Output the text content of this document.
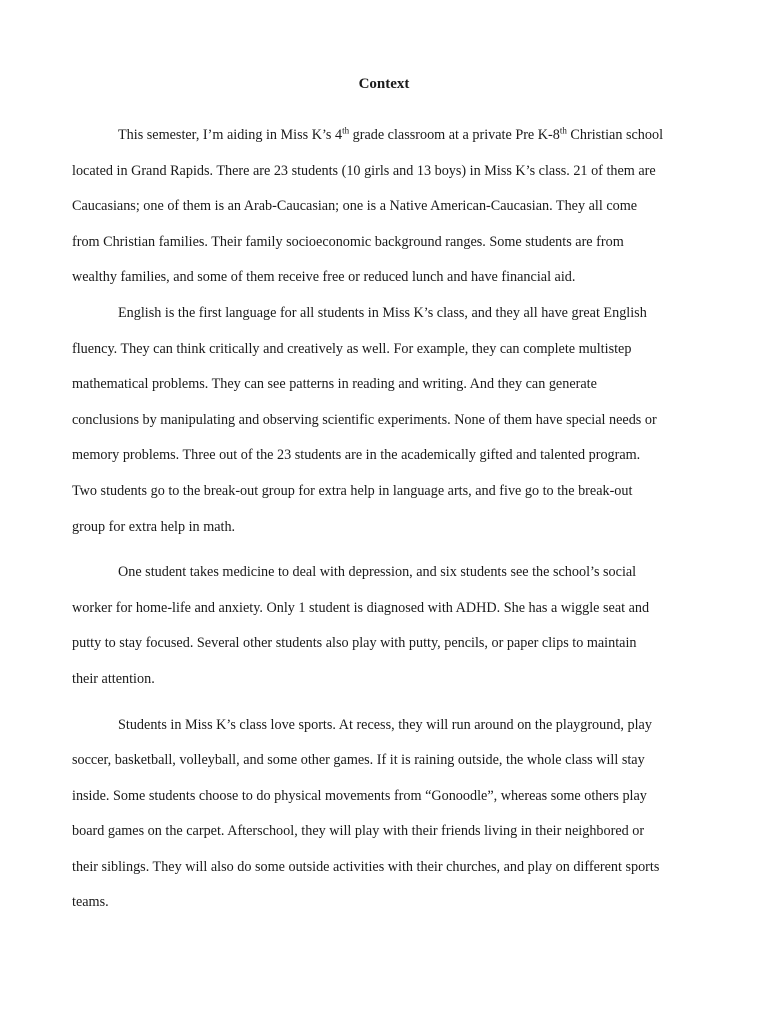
Context
This semester, I’m aiding in Miss K’s 4th grade classroom at a private Pre K-8th Christian school
located in Grand Rapids. There are 23 students (10 girls and 13 boys) in Miss K’s class. 21 of them are
Caucasians; one of them is an Arab-Caucasian; one is a Native American-Caucasian. They all come
from Christian families. Their family socioeconomic background ranges. Some students are from
wealthy families, and some of them receive free or reduced lunch and have financial aid.
English is the first language for all students in Miss K’s class, and they all have great English
fluency. They can think critically and creatively as well. For example, they can complete multistep
mathematical problems. They can see patterns in reading and writing. And they can generate
conclusions by manipulating and observing scientific experiments. None of them have special needs or
memory problems. Three out of the 23 students are in the academically gifted and talented program.
Two students go to the break-out group for extra help in language arts, and five go to the break-out
group for extra help in math.
One student takes medicine to deal with depression, and six students see the school’s social
worker for home-life and anxiety. Only 1 student is diagnosed with ADHD. She has a wiggle seat and
putty to stay focused. Several other students also play with putty, pencils, or paper clips to maintain
their attention.
Students in Miss K’s class love sports. At recess, they will run around on the playground, play
soccer, basketball, volleyball, and some other games. If it is raining outside, the whole class will stay
inside. Some students choose to do physical movements from “Gonoodle”, whereas some others play
board games on the carpet. Afterschool, they will play with their friends living in their neighbored or
their siblings. They will also do some outside activities with their churches, and play on different sports
teams.
